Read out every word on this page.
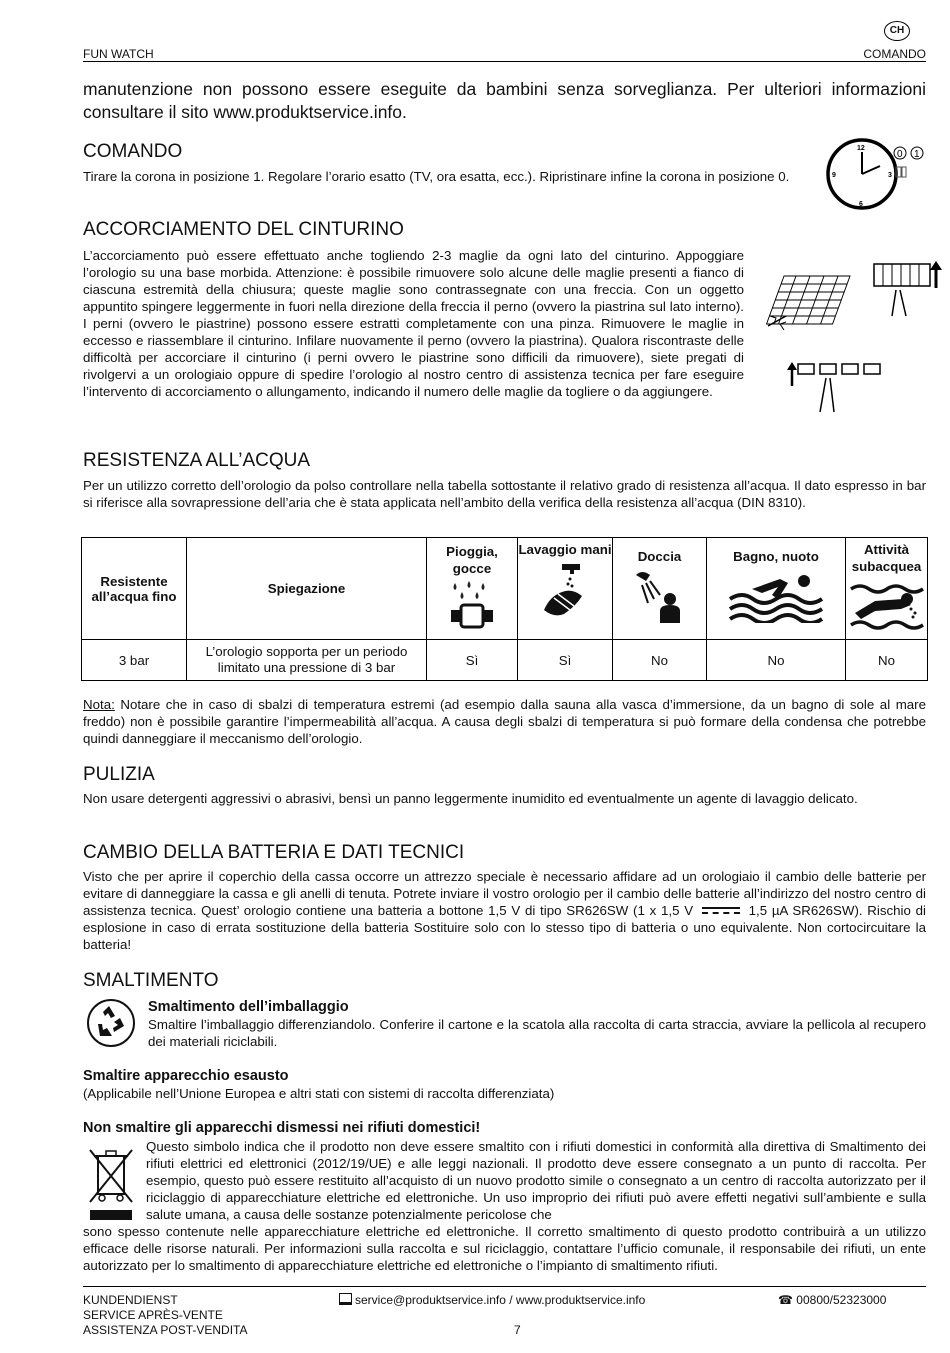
CH
FUN WATCH	COMANDO

manutenzione non possono essere eseguite da bambini senza sorveglianza. Per ulteriori informazioni consultare il sito www.produktservice.info.

COMANDO

Tirare la corona in posizione 1. Regolare l’orario esatto (TV, ora esatta, ecc.). Ripristinare infine la corona in posizione 0.

12
3
6
9
0 1
ACCORCIAMENTO DEL CINTURINO

L’accorciamento può essere effettuato anche togliendo 2-3 maglie da ogni lato del cinturino. Appoggiare l’orologio su una base morbida. Attenzione: è possibile rimuovere solo alcune delle maglie presenti a fianco di ciascuna estremità della chiusura; queste maglie sono contrassegnate con una freccia. Con un oggetto appuntito spingere leggermente in fuori nella direzione della freccia il perno (ovvero la piastrina sul lato interno). I perni (ovvero le piastrine) possono essere estratti completamente con una pinza. Rimuovere le maglie in eccesso e riassemblare il cinturino. Infilare nuovamente il perno (ovvero la piastrina). Qualora riscontraste delle difficoltà per accorciare il cinturino (i perni ovvero le piastrine sono difficili da rimuovere), siete pregati di rivolgervi a un orologiaio oppure di spedire l’orologio al nostro centro di assistenza tecnica per fare eseguire l’intervento di accorciamento o allungamento, indicando il numero delle maglie da togliere o da aggiungere.

RESISTENZA ALL’ACQUA

Per un utilizzo corretto dell’orologio da polso controllare nella tabella sottostante il relativo grado di resistenza all’acqua. Il dato espresso in bar si riferisce alla sovrapressione dell’aria che è stata applicata nell’ambito della verifica della resistenza all’acqua (DIN 8310).

Resistente all’acqua fino	Spiegazione	Pioggia, gocce	Lavaggio mani	Doccia	Bagno, nuoto	Attività subacquea

3 bar	L’orologio sopporta per un periodo limitato una pressione di 3 bar	Sì	Sì	No	No	No

Nota: Notare che in caso di sbalzi di temperatura estremi (ad esempio dalla sauna alla vasca d’immersione, da un bagno di sole al mare freddo) non è possibile garantire l’impermeabilità all’acqua. A causa degli sbalzi di temperatura si può formare della condensa che potrebbe quindi danneggiare il meccanismo dell’orologio.

PULIZIA

Non usare detergenti aggressivi o abrasivi, bensì un panno leggermente inumidito ed eventualmente un agente di lavaggio delicato.

CAMBIO DELLA BATTERIA E DATI TECNICI

Visto che per aprire il coperchio della cassa occorre un attrezzo speciale è necessario affidare ad un orologiaio il cambio delle batterie per evitare di danneggiare la cassa e gli anelli di tenuta. Potrete inviare il vostro orologio per il cambio delle batterie all’indirizzo del nostro centro di assistenza tecnica. Quest’ orologio contiene una batteria a bottone 1,5 V di tipo SR626SW (1 x 1,5 V	1,5 µA SR626SW). Rischio di esplosione in caso di errata sostituzione della batteria Sostituire solo con lo stesso tipo di batteria o uno equivalente. Non cortocircuitare la batteria!

SMALTIMENTO
Smaltimento dell’imballaggio

Smaltire l’imballaggio differenziandolo. Conferire il cartone e la scatola alla raccolta di carta straccia, avviare la pellicola al recupero dei materiali riciclabili.

Smaltire apparecchio esausto
(Applicabile nell’Unione Europea e altri stati con sistemi di raccolta differenziata)
Non smaltire gli apparecchi dismessi nei rifiuti domestici!

Questo simbolo indica che il prodotto non deve essere smaltito con i rifiuti domestici in conformità alla direttiva di Smaltimento dei rifiuti elettrici ed elettronici (2012/19/UE) e alle leggi nazionali. Il prodotto deve essere consegnato a un punto di raccolta. Per esempio, questo può essere restituito all’acquisto di un nuovo prodotto simile o consegnato a un centro di raccolta autorizzato per il riciclaggio di apparecchiature elettriche ed elettroniche. Un uso improprio dei rifiuti può avere effetti negativi sull’ambiente e sulla salute umana, a causa delle sostanze potenzialmente pericolose che

sono spesso contenute nelle apparecchiature elettriche ed elettroniche. Il corretto smaltimento di questo prodotto contribuirà a un utilizzo efficace delle risorse naturali. Per informazioni sulla raccolta e sul riciclaggio, contattare l’ufficio comunale, il responsabile dei rifiuti, un ente autorizzato per lo smaltimento di apparecchiature elettriche ed elettroniche o l’impianto di smaltimento rifiuti.

KUNDENDIENST
SERVICE APRÈS-VENTE
ASSISTENZA POST-VENDITA
service@produktservice.info / www.produktservice.info	☎ 00800/52323000
7
